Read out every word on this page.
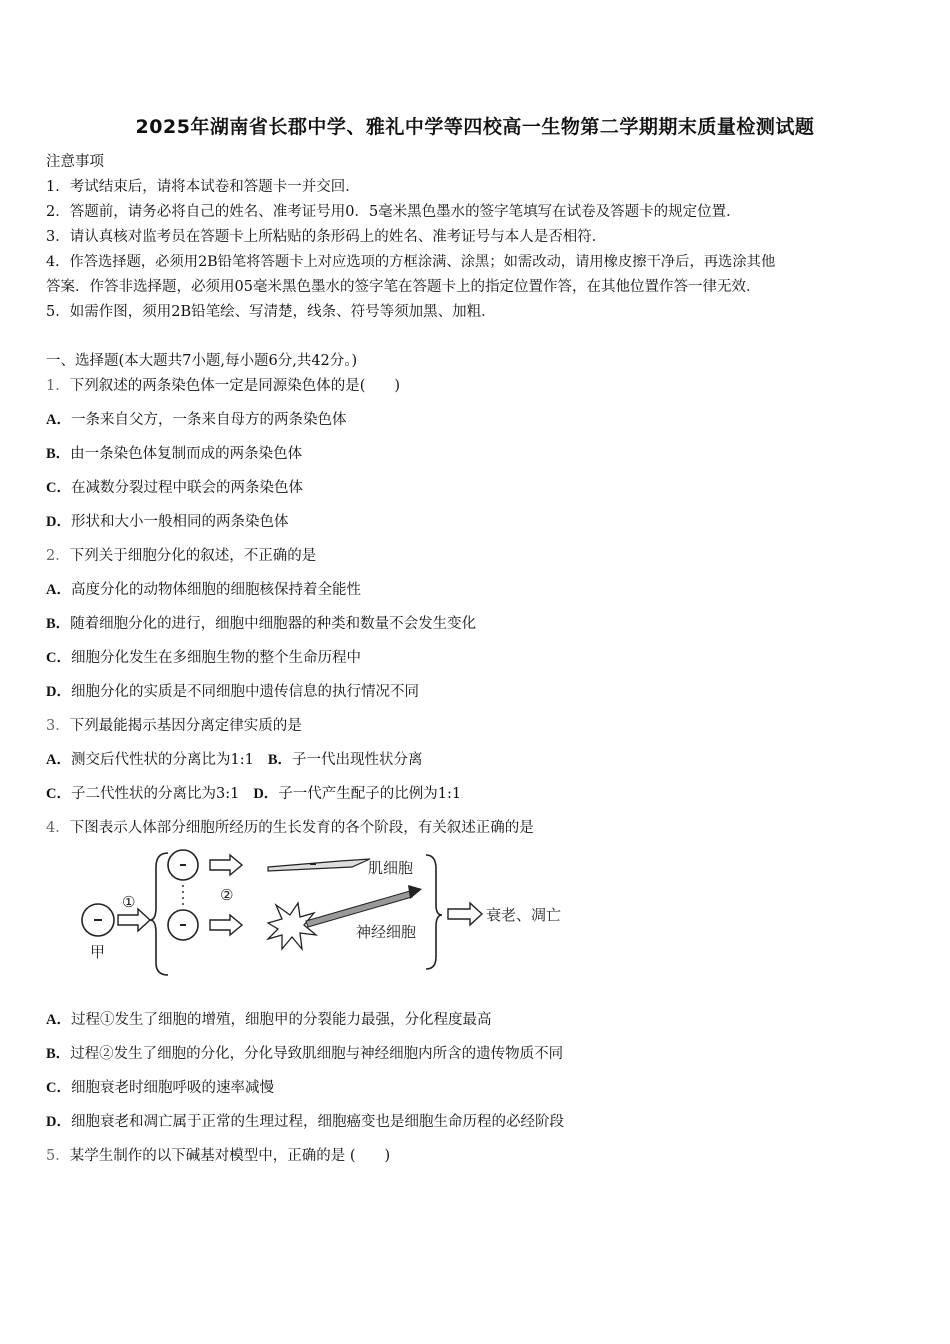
2025年湖南省长郡中学、雅礼中学等四校高一生物第二学期期末质量检测试题
注意事项
1．考试结束后，请将本试卷和答题卡一并交回．
2．答题前，请务必将自己的姓名、准考证号用0．5毫米黑色墨水的签字笔填写在试卷及答题卡的规定位置．
3．请认真核对监考员在答题卡上所粘贴的条形码上的姓名、准考证号与本人是否相符．
4．作答选择题，必须用2B铅笔将答题卡上对应选项的方框涂满、涂黑；如需改动，请用橡皮擦干净后，再选涂其他
答案．作答非选择题，必须用05毫米黑色墨水的签字笔在答题卡上的指定位置作答，在其他位置作答一律无效．
5．如需作图，须用2B铅笔绘、写清楚，线条、符号等须加黑、加粗．
一、选择题(本大题共7小题,每小题6分,共42分。)
1．下列叙述的两条染色体一定是同源染色体的是(　　)
A．一条来自父方，一条来自母方的两条染色体
B．由一条染色体复制而成的两条染色体
C．在减数分裂过程中联会的两条染色体
D．形状和大小一般相同的两条染色体
2．下列关于细胞分化的叙述，不正确的是
A．高度分化的动物体细胞的细胞核保持着全能性
B．随着细胞分化的进行，细胞中细胞器的种类和数量不会发生变化
C．细胞分化发生在多细胞生物的整个生命历程中
D．细胞分化的实质是不同细胞中遗传信息的执行情况不同
3．下列最能揭示基因分离定律实质的是
A．测交后代性状的分离比为1:1 B．子一代出现性状分离
C．子二代性状的分离比为3:1 D．子一代产生配子的比例为1:1
4．下图表示人体部分细胞所经历的生长发育的各个阶段，有关叙述正确的是
甲
①	②
肌细胞
神经细胞
衰老、凋亡
A．过程①发生了细胞的增殖，细胞甲的分裂能力最强，分化程度最高
B．过程②发生了细胞的分化，分化导致肌细胞与神经细胞内所含的遗传物质不同
C．细胞衰老时细胞呼吸的速率减慢
D．细胞衰老和凋亡属于正常的生理过程，细胞癌变也是细胞生命历程的必经阶段
5．某学生制作的以下碱基对模型中，正确的是 (　　)
